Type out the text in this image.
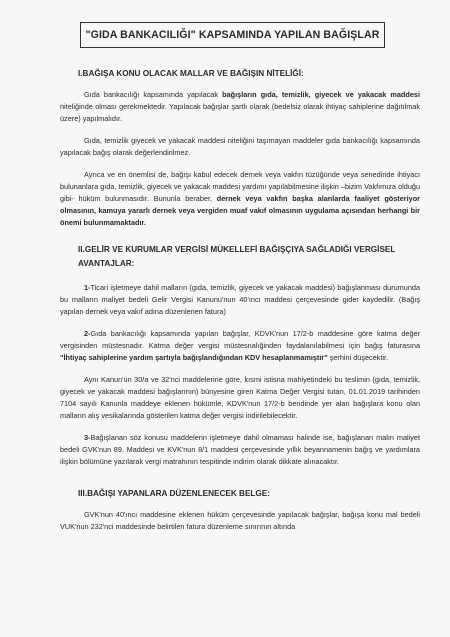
"GIDA BANKACILIĞI" KAPSAMINDA YAPILAN BAĞIŞLAR
I.BAĞIŞA KONU OLACAK MALLAR VE BAĞIŞIN NİTELİĞİ:

Gıda bankacılığı kapsamında yapılacak bağışların gıda, temizlik, giyecek ve yakacak maddesi niteliğinde olması gerekmektedir. Yapılacak bağışlar şartlı olarak (bedelsiz olarak ihtiyaç sahiplerine dağıtılmak üzere) yapılmalıdır.

Gıda, temizlik giyecek ve yakacak maddesi niteliğini taşımayan maddeler gıda bankacılığı kapsamında yapılacak bağış olarak değerlendirilmez.

Ayrıca ve en önemlisi de, bağışı kabul edecek dernek veya vakfın tüzüğünde veya senedinde ihtiyacı bulunanlara gıda, temizlik, giyecek ve yakacak maddesi yardımı yapılabilmesine ilişkin –bizim Vakfımıza olduğu gibi- hüküm bulunmasıdır. Bununla beraber, dernek veya vakfın başka alanlarda faaliyet gösteriyor olmasının, kamuya yararlı dernek veya vergiden muaf vakıf olmasının uygulama açısından herhangi bir önemi bulunmamaktadır.

II.GELİR VE KURUMLAR VERGİSİ MÜKELLEFİ BAĞIŞÇIYA SAĞLADIĞI VERGİSEL
AVANTAJLAR:

1-Ticari işletmeye dahil malların (gıda, temizlik, giyecek ve yakacak maddesi) bağışlanması durumunda bu malların maliyet bedeli Gelir Vergisi Kanunu'nun 40'ıncı maddesi çerçevesinde gider kaydedilir. (Bağış yapılan dernek veya vakıf adına düzenlenen fatura)

2-Gıda bankacılığı kapsamında yapılan bağışlar, KDVK'nun 17/2-b maddesine göre katma değer vergisinden müstesnadır. Katma değer vergisi müstesnalığinden faydalanılabilmesi için bağış faturasına "İhtiyaç sahiplerine yardım şartıyla bağışlandığından KDV hesaplanmamıştır" şerhini düşecektir.

Aynı Kanun'un 30/a ve 32'nci maddelerine göre, kısmi istisna mahiyetindeki bu teslimin (gıda, temizlik, giyecek ve yakacak maddesi bağışlarının) bünyesine giren Katma Değer Vergisi tutarı, 01.01.2019 tarihinden 7104 sayılı Kanunla maddeye eklenen hükümle, KDVK'nun 17/2-b bendinde yer alan bağışlara konu olan malların alış vesikalarında gösterilen katma değer vergisi indirilebilecektir.

3-Bağışlanan söz konusu maddelerin işletmeye dahil olmaması halinde ise, bağışlanan malın maliyet bedeli GVK'nun 89. Maddesi ve KVK'nun 8/1 maddesi çerçevesinde yıllık beyannamenin bağış ve yardımlara ilişkin bölümüne yazılarak vergi matrahının tespitinde indirim olarak dikkate alınacaktır.

III.BAĞIŞI YAPANLARA DÜZENLENECEK BELGE:

GVK'nun 40'ıncı maddesine eklenen hüküm çerçevesinde yapılacak bağışlar, bağışa konu mal bedeli VUK'nun 232'nci maddesinde belirtilen fatura düzenleme sınırının altında
